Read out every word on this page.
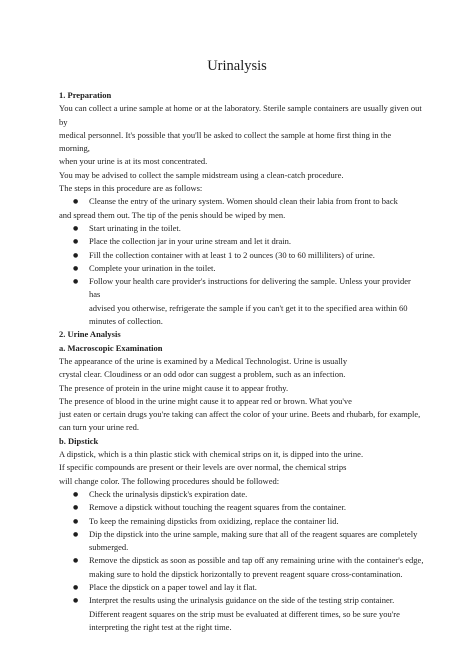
Urinalysis
1. Preparation
You can collect a urine sample at home or at the laboratory. Sterile sample containers are usually given out by
medical personnel. It's possible that you'll be asked to collect the sample at home first thing in the morning,
when your urine is at its most concentrated.
You may be advised to collect the sample midstream using a clean-catch procedure.
The steps in this procedure are as follows:
● Cleanse the entry of the urinary system. Women should clean their labia from front to back
and spread them out. The tip of the penis should be wiped by men.
● Start urinating in the toilet.
● Place the collection jar in your urine stream and let it drain.
● Fill the collection container with at least 1 to 2 ounces (30 to 60 milliliters) of urine.
● Complete your urination in the toilet.
● Follow your health care provider's instructions for delivering the sample. Unless your provider has
advised you otherwise, refrigerate the sample if you can't get it to the specified area within 60
minutes of collection.
2. Urine Analysis
a. Macroscopic Examination
The appearance of the urine is examined by a Medical Technologist. Urine is usually
crystal clear. Cloudiness or an odd odor can suggest a problem, such as an infection.
The presence of protein in the urine might cause it to appear frothy.
The presence of blood in the urine might cause it to appear red or brown. What you've
just eaten or certain drugs you're taking can affect the color of your urine. Beets and rhubarb, for example,
can turn your urine red.
b. Dipstick
A dipstick, which is a thin plastic stick with chemical strips on it, is dipped into the urine.
If specific compounds are present or their levels are over normal, the chemical strips
will change color. The following procedures should be followed:
● Check the urinalysis dipstick's expiration date.
● Remove a dipstick without touching the reagent squares from the container.
● To keep the remaining dipsticks from oxidizing, replace the container lid.
● Dip the dipstick into the urine sample, making sure that all of the reagent squares are completely
submerged.
● Remove the dipstick as soon as possible and tap off any remaining urine with the container's edge,
making sure to hold the dipstick horizontally to prevent reagent square cross-contamination.
● Place the dipstick on a paper towel and lay it flat.
● Interpret the results using the urinalysis guidance on the side of the testing strip container.
Different reagent squares on the strip must be evaluated at different times, so be sure you're
interpreting the right test at the right time.
